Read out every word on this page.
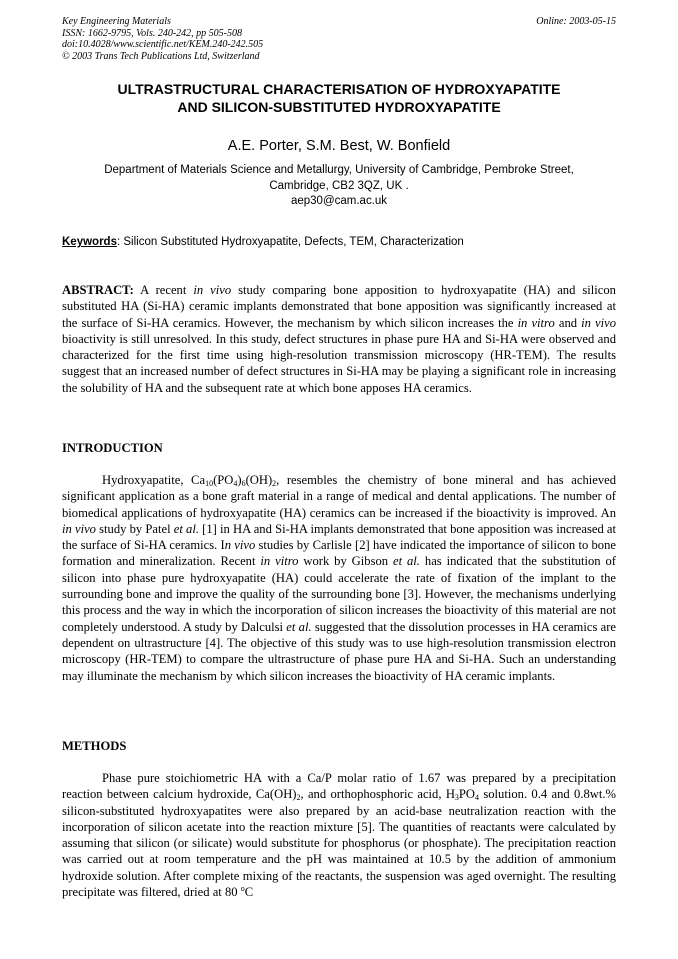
Key Engineering Materials
ISSN: 1662-9795, Vols. 240-242, pp 505-508
doi:10.4028/www.scientific.net/KEM.240-242.505
© 2003 Trans Tech Publications Ltd, Switzerland
Online: 2003-05-15
ULTRASTRUCTURAL CHARACTERISATION OF HYDROXYAPATITE
AND SILICON-SUBSTITUTED HYDROXYAPATITE
A.E. Porter, S.M. Best, W. Bonfield
Department of Materials Science and Metallurgy, University of Cambridge, Pembroke Street,
Cambridge, CB2 3QZ, UK .
aep30@cam.ac.uk
Keywords: Silicon Substituted Hydroxyapatite, Defects, TEM, Characterization
ABSTRACT: A recent in vivo study comparing bone apposition to hydroxyapatite (HA) and silicon substituted HA (Si-HA) ceramic implants demonstrated that bone apposition was significantly increased at the surface of Si-HA ceramics. However, the mechanism by which silicon increases the in vitro and in vivo bioactivity is still unresolved. In this study, defect structures in phase pure HA and Si-HA were observed and characterized for the first time using high-resolution transmission microscopy (HR-TEM). The results suggest that an increased number of defect structures in Si-HA may be playing a significant role in increasing the solubility of HA and the subsequent rate at which bone apposes HA ceramics.
INTRODUCTION
Hydroxyapatite, $Ca_{10}(PO_4)_6(OH)_2$, resembles the chemistry of bone mineral and has achieved significant application as a bone graft material in a range of medical and dental applications. The number of biomedical applications of hydroxyapatite (HA) ceramics can be increased if the bioactivity is improved. An in vivo study by Patel et al. [1] in HA and Si-HA implants demonstrated that bone apposition was increased at the surface of Si-HA ceramics. In vivo studies by Carlisle [2] have indicated the importance of silicon to bone formation and mineralization. Recent in vitro work by Gibson et al. has indicated that the substitution of silicon into phase pure hydroxyapatite (HA) could accelerate the rate of fixation of the implant to the surrounding bone and improve the quality of the surrounding bone [3]. However, the mechanisms underlying this process and the way in which the incorporation of silicon increases the bioactivity of this material are not completely understood. A study by Dalculsi et al. suggested that the dissolution processes in HA ceramics are dependent on ultrastructure [4]. The objective of this study was to use high-resolution transmission electron microscopy (HR-TEM) to compare the ultrastructure of phase pure HA and Si-HA. Such an understanding may illuminate the mechanism by which silicon increases the bioactivity of HA ceramic implants.
METHODS
Phase pure stoichiometric HA with a Ca/P molar ratio of 1.67 was prepared by a precipitation reaction between calcium hydroxide, $Ca(OH)_2$, and orthophosphoric acid, $H_3PO_4$ solution. 0.4 and 0.8wt.% silicon-substituted hydroxyapatites were also prepared by an acid-base neutralization reaction with the incorporation of silicon acetate into the reaction mixture [5]. The quantities of reactants were calculated by assuming that silicon (or silicate) would substitute for phosphorus (or phosphate). The precipitation reaction was carried out at room temperature and the pH was maintained at 10.5 by the addition of ammonium hydroxide solution. After complete mixing of the reactants, the suspension was aged overnight. The resulting precipitate was filtered, dried at 80 $^o$C
